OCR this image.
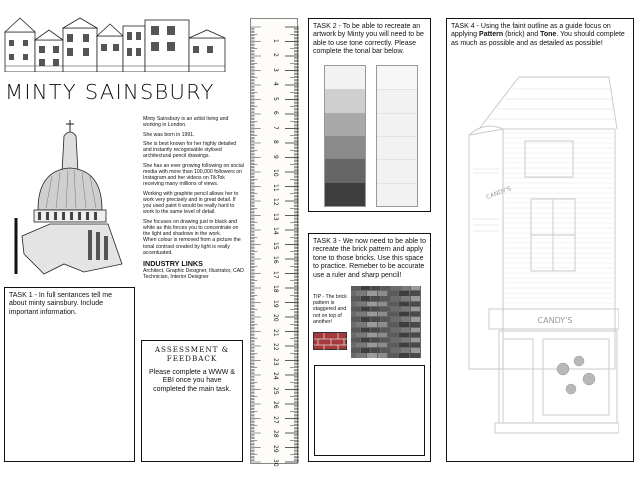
MINTY SAINSBURY

Minty Sainsbury is an artist living and working in London.

She was born in 1991.

She is best known for her highly detailed and instantly recognisable stylised architectural pencil drawings.

She has an ever growing following on social media with more than 100,000 followers on Instagram and her videos on TikTok receiving many millions of views.

Working with graphite pencil allows her to work very precisely and in great detail. If you used paint it would be really hard to work to the same level of detail.

She focuses on drawing just in black and white as this forces you to concentrate on the light and shadows in the work.
When colour is removed from a picture the tonal contrast created by light is really accentuated.

INDUSTRY LINKS
Architect, Graphic Designer, Illustrator, CAD Technician, Interior Designer
TASK 1 - In full sentances tell me about minty sainsbury. Include important information.
ASSESSMENT &
FEEDBACK
Please complete a WWW & EBI once you have completed the main task.
1
2
3
4
5
6
7
8
9
10
11
12
13
14
15
16
17
18
19
20
21
22
23
24
25
26
27
28
29
30
TASK 2 - To be able to recreate an artwork by Minty you will need to be able to use tone correctly. Please complete the tonal bar below.
TASK 3 - We now need to be able to recreate the brick pattern and apply tone to those bricks. Use this space to practice. Remeber to be accurate use a ruler and sharp pencil!
TIP - The brick pattern is staggered and not on top of another!
TASK 4 - Using the faint outline as a guide focus on applying Pattern (brick) and Tone. You should complete as much as possible and as detailed as possible!
CANDY'S
CANDY'S
